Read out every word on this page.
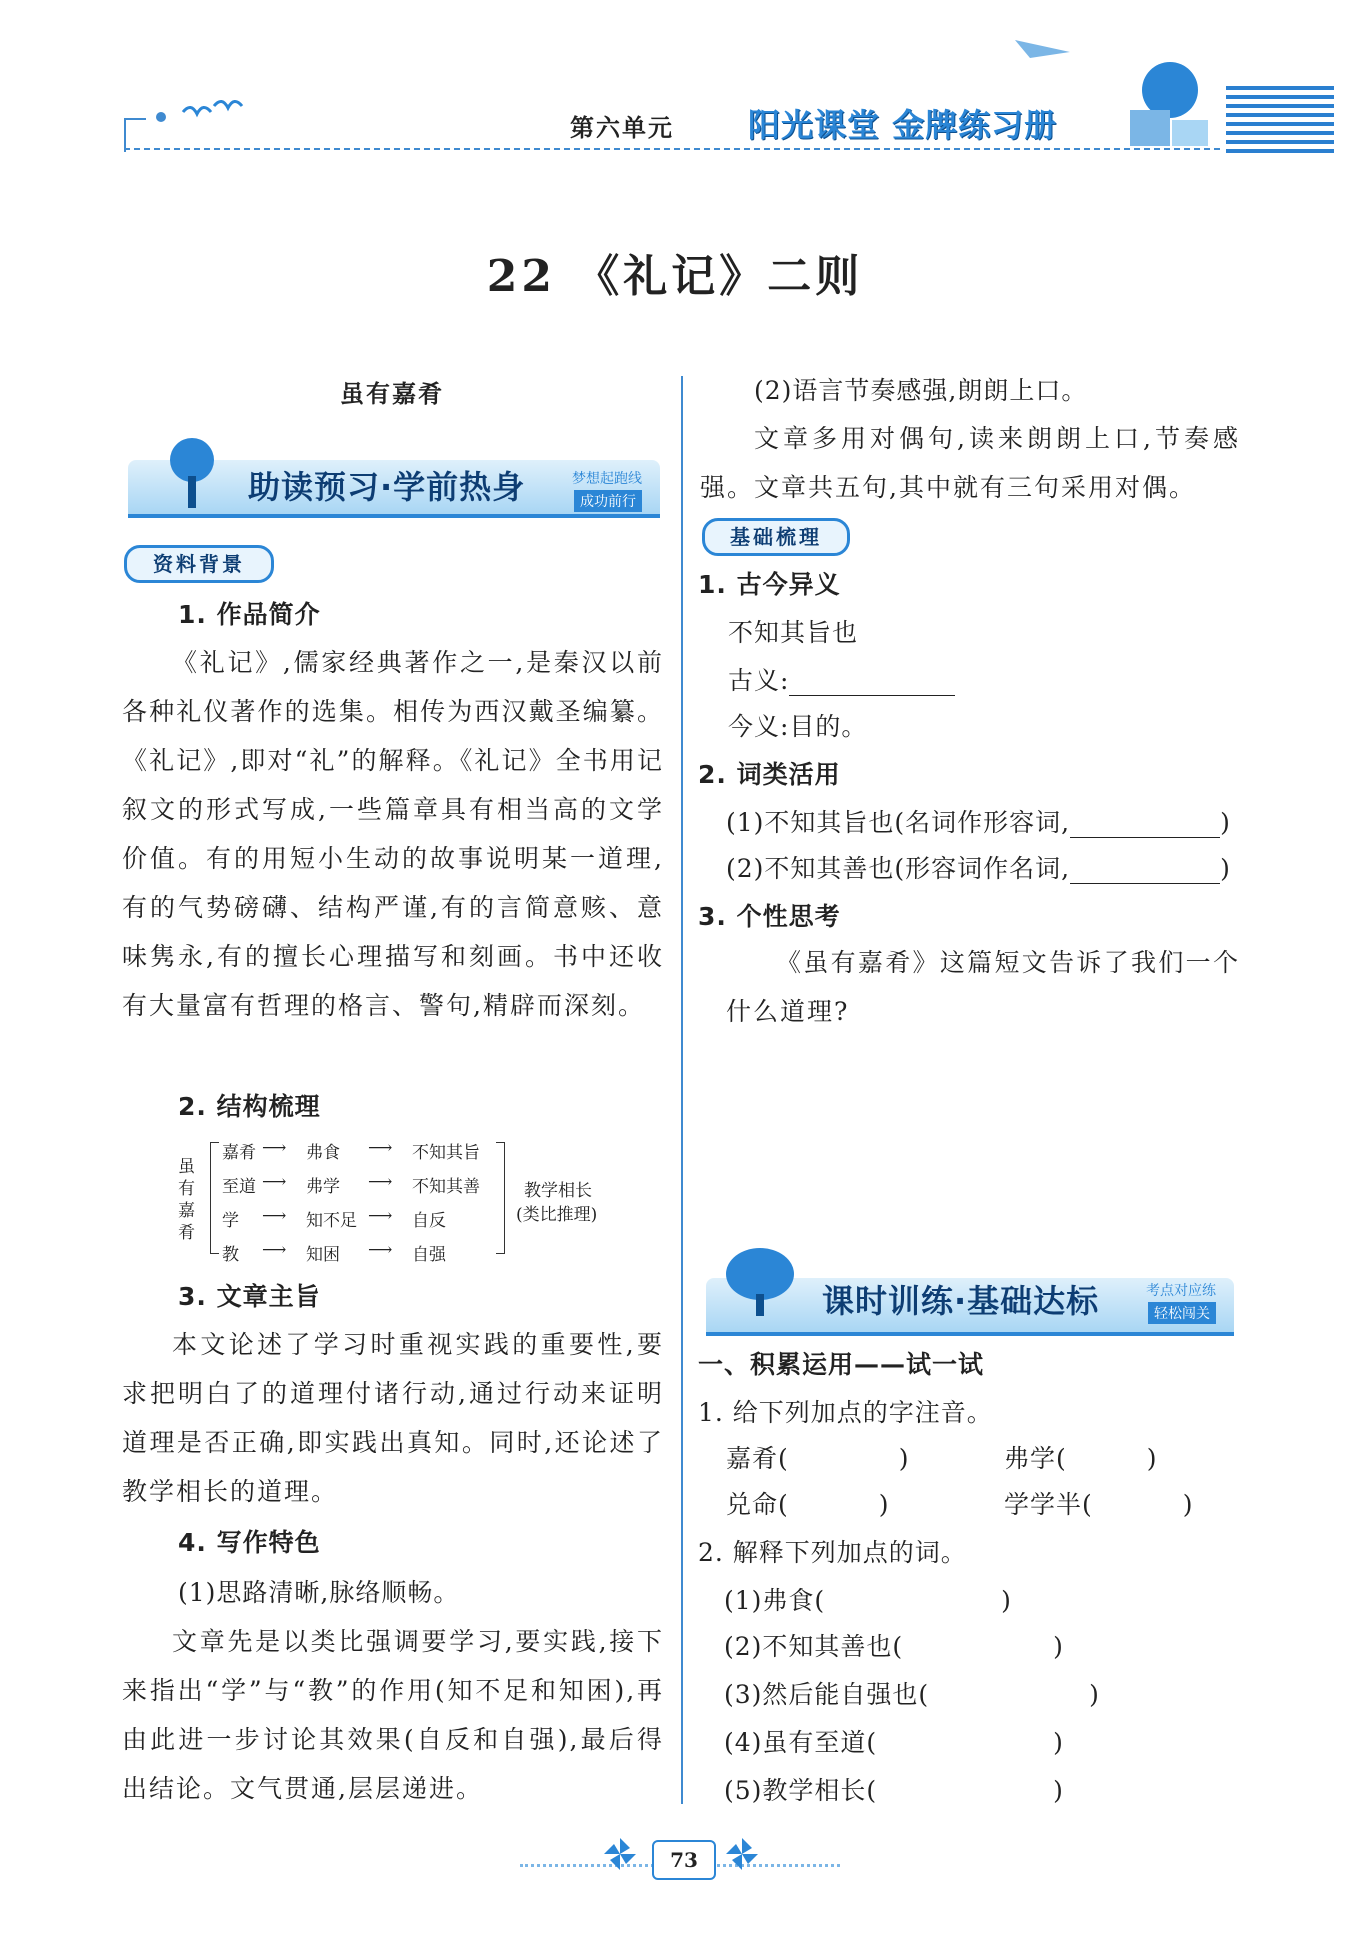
第六单元 阳光课堂 金牌练习册
22 《礼记》二则
虽有嘉肴
助读预习·学前热身	梦想起跑线
成功前行
资料背景
1. 作品简介
《礼记》,儒家经典著作之一,是秦汉以前各种礼仪著作的选集。相传为西汉戴圣编纂。《礼记》,即对“礼”的解释。《礼记》全书用记叙文的形式写成,一些篇章具有相当高的文学价值。有的用短小生动的故事说明某一道理,有的气势磅礴、结构严谨,有的言简意赅、意味隽永,有的擅长心理描写和刻画。书中还收有大量富有哲理的格言、警句,精辟而深刻。
2. 结构梳理
虽有嘉肴
嘉肴 ⟶ 弗食 ⟶ 不知其旨
至道 ⟶ 弗学 ⟶ 不知其善
学 ⟶ 知不足 ⟶ 自反
教 ⟶ 知困 ⟶ 自强
教学相长
(类比推理)
3. 文章主旨
本文论述了学习时重视实践的重要性,要求把明白了的道理付诸行动,通过行动来证明道理是否正确,即实践出真知。同时,还论述了教学相长的道理。
4. 写作特色
(1)思路清晰,脉络顺畅。
文章先是以类比强调要学习,要实践,接下来指出“学”与“教”的作用(知不足和知困),再由此进一步讨论其效果(自反和自强),最后得出结论。文气贯通,层层递进。
(2)语言节奏感强,朗朗上口。
文章多用对偶句,读来朗朗上口,节奏感强。文章共五句,其中就有三句采用对偶。
基础梳理
1. 古今异义
不知其旨也
古义:
今义:目的。
2. 词类活用
(1)不知其旨也(名词作形容词,	)
(2)不知其善也(形容词作名词,	)
3. 个性思考
《虽有嘉肴》这篇短文告诉了我们一个什么道理?
课时训练·基础达标	考点对应练
轻松闯关
一、积累运用——试一试
1. 给下列加点的字注音。
嘉肴(	)	弗学(	)
兑命(	)	学学半(	)
2. 解释下列加点的词。
(1)弗食(	)
(2)不知其善也(	)
(3)然后能自强也(	)
(4)虽有至道(	)
(5)教学相长(	)
73
